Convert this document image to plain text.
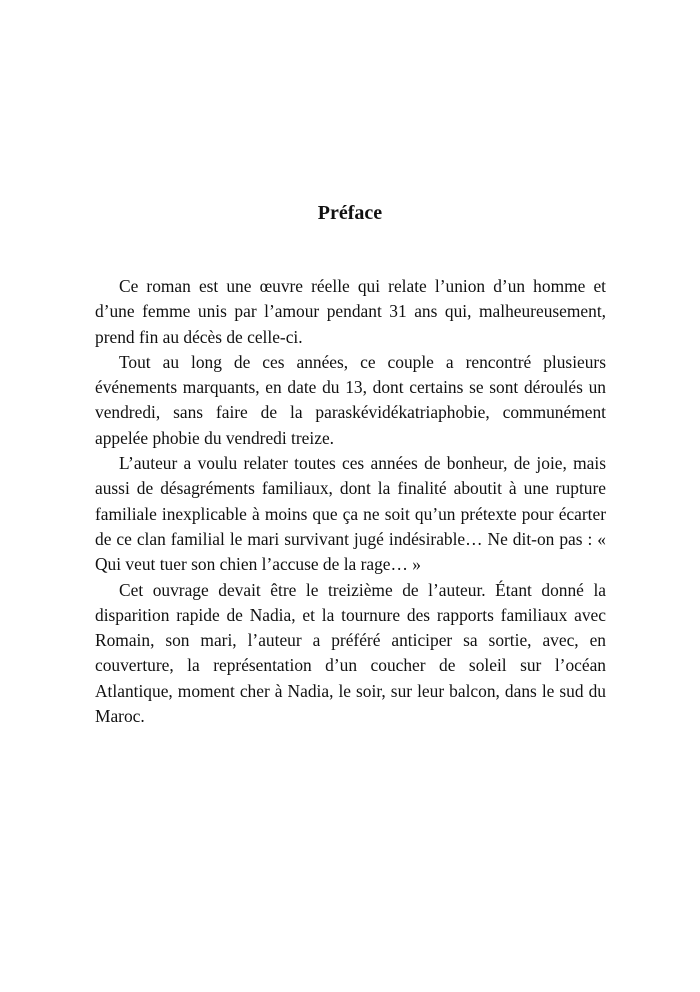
Préface

Ce roman est une œuvre réelle qui relate l’union d’un homme et d’une femme unis par l’amour pendant 31 ans qui, malheureusement, prend fin au décès de celle-ci.

Tout au long de ces années, ce couple a rencontré plusieurs événements marquants, en date du 13, dont certains se sont déroulés un vendredi, sans faire de la paraskévidékatriaphobie, communément appelée phobie du vendredi treize.

L’auteur a voulu relater toutes ces années de bonheur, de joie, mais aussi de désagréments familiaux, dont la finalité aboutit à une rupture familiale inexplicable à moins que ça ne soit qu’un prétexte pour écarter de ce clan familial le mari survivant jugé indésirable… Ne dit-on pas : « Qui veut tuer son chien l’accuse de la rage… »

Cet ouvrage devait être le treizième de l’auteur. Étant donné la disparition rapide de Nadia, et la tournure des rapports familiaux avec Romain, son mari, l’auteur a préféré anticiper sa sortie, avec, en couverture, la représentation d’un coucher de soleil sur l’océan Atlantique, moment cher à Nadia, le soir, sur leur balcon, dans le sud du Maroc.
